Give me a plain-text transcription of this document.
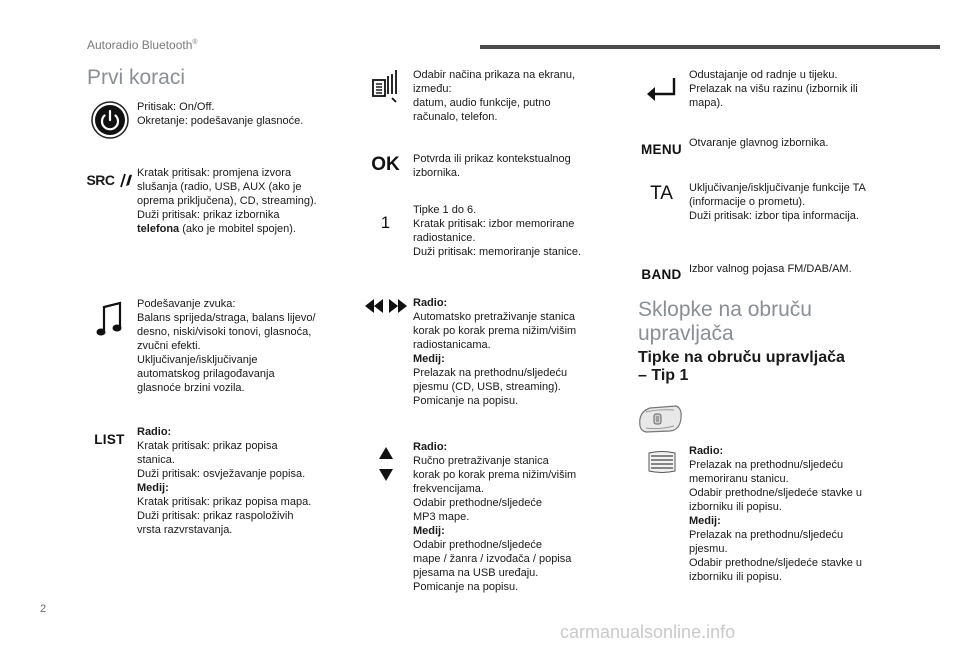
Autoradio Bluetooth®
Prvi koraci
Pritisak: On/Off.
Okretanje: podešavanje glasnoće.
SRC Kratak pritisak: promjena izvora
slušanja (radio, USB, AUX (ako je
oprema priključena), CD, streaming).
Duži pritisak: prikaz izbornika
telefona (ako je mobitel spojen).
Podešavanje zvuka:
Balans sprijeda/straga, balans lijevo/
desno, niski/visoki tonovi, glasnoća,
zvučni efekti.
Uključivanje/isključivanje
automatskog prilagođavanja
glasnoće brzini vozila.
LIST Radio:
Kratak pritisak: prikaz popisa
stanica.
Duži pritisak: osvježavanje popisa.
Medij:
Kratak pritisak: prikaz popisa mapa.
Duži pritisak: prikaz raspoloživih
vrsta razvrstavanja.
Odabir načina prikaza na ekranu,
između:
datum, audio funkcije, putno
računalo, telefon.
OK Potvrda ili prikaz kontekstualnog
izbornika.
1
Tipke 1 do 6.
Kratak pritisak: izbor memorirane
radiostanice.
Duži pritisak: memoriranje stanice.
Radio:
Automatsko pretraživanje stanica
korak po korak prema nižim/višim
radiostanicama.
Medij:
Prelazak na prethodnu/sljedeću
pjesmu (CD, USB, streaming).
Pomicanje na popisu.
Radio:
Ručno pretraživanje stanica
korak po korak prema nižim/višim
frekvencijama.
Odabir prethodne/sljedeće
MP3 mape.
Medij:
Odabir prethodne/sljedeće
mape / žanra / izvođača / popisa
pjesama na USB uređaju.
Pomicanje na popisu.
Odustajanje od radnje u tijeku.
Prelazak na višu razinu (izbornik ili
mapa).
MENU Otvaranje glavnog izbornika.
TA Uključivanje/isključivanje funkcije TA
(informacije o prometu).
Duži pritisak: izbor tipa informacija.
BAND Izbor valnog pojasa FM/DAB/AM.
Sklopke na obruču
upravljača
Tipke na obruču upravljača
– Tip 1
Radio:
Prelazak na prethodnu/sljedeću
memoriranu stanicu.
Odabir prethodne/sljedeće stavke u
izborniku ili popisu.
Medij:
Prelazak na prethodnu/sljedeću
pjesmu.
Odabir prethodne/sljedeće stavke u
izborniku ili popisu.
2
carmanualsonline.info
